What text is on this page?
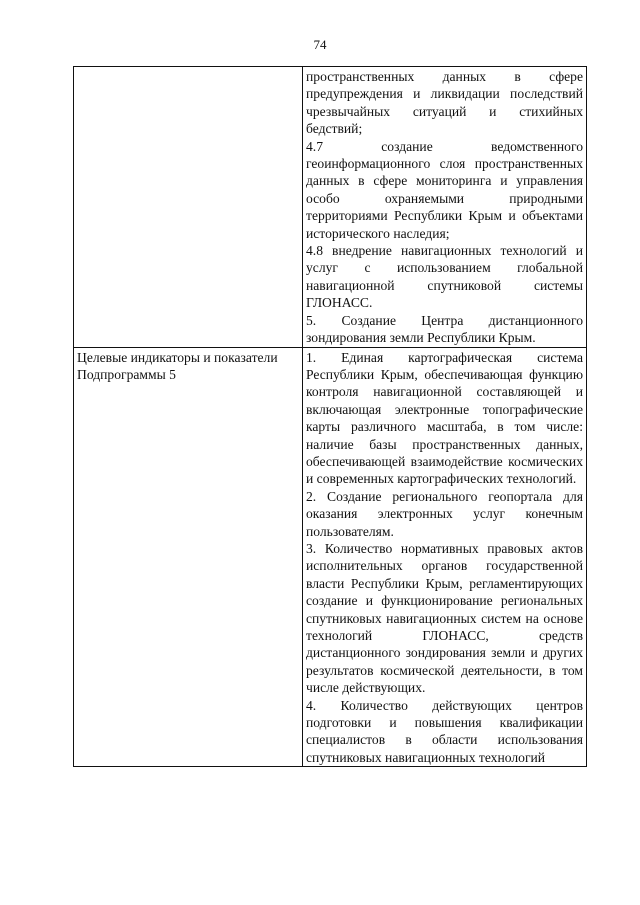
74

	пространственных данных в сфере предупреждения и ликвидации последствий чрезвычайных ситуаций и стихийных бедствий;

4.7 создание ведомственного геоинформационного слоя пространственных данных в сфере мониторинга и управления особо охраняемыми природными территориями Республики Крым и объектами исторического наследия;

4.8 внедрение навигационных технологий и услуг с использованием глобальной навигационной спутниковой системы ГЛОНАСС.

5. Создание Центра дистанционного зондирования земли Республики Крым.

Целевые индикаторы и показатели Подпрограммы 5	1. Единая картографическая система Республики Крым, обеспечивающая функцию контроля навигационной составляющей и включающая электронные топографические карты различного масштаба, в том числе: наличие базы пространственных данных, обеспечивающей взаимодействие космических и современных картографических технологий.

2. Создание регионального геопортала для оказания электронных услуг конечным пользователям.

3. Количество нормативных правовых актов исполнительных органов государственной власти Республики Крым, регламентирующих создание и функционирование региональных спутниковых навигационных систем на основе технологий ГЛОНАСС, средств дистанционного зондирования земли и других результатов космической деятельности, в том числе действующих.

4. Количество действующих центров подготовки и повышения квалификации специалистов в области использования спутниковых навигационных технологий
